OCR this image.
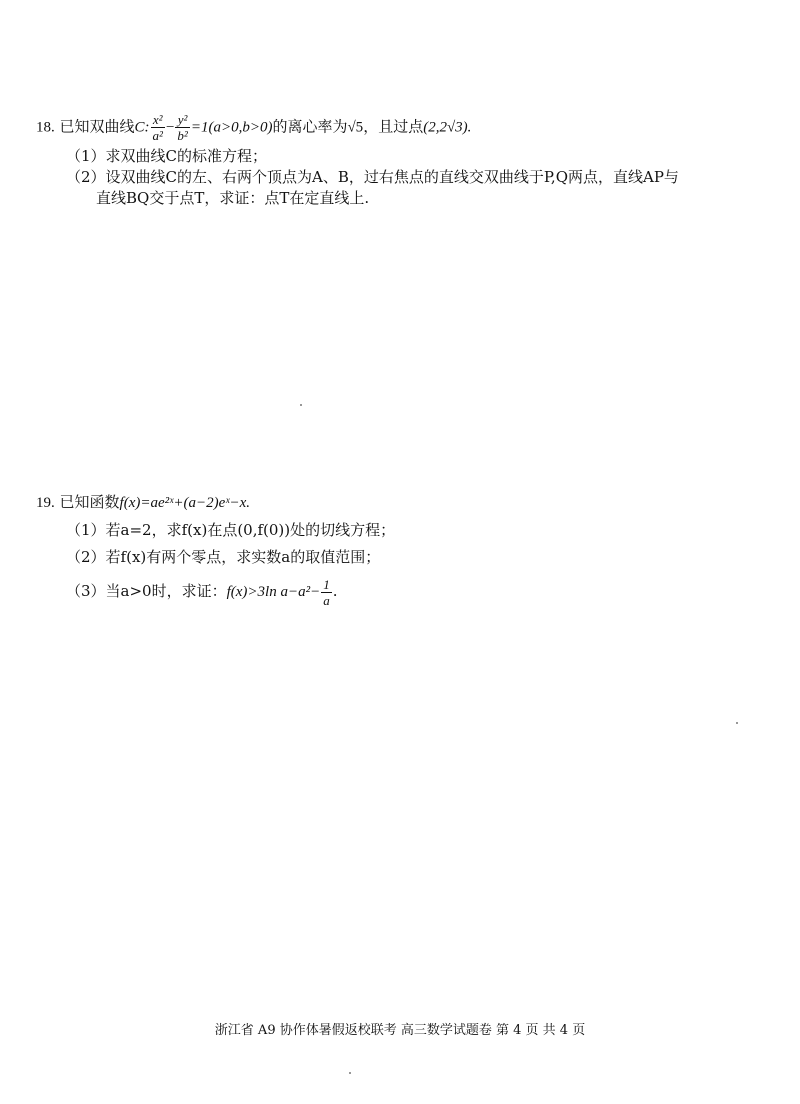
18. 已知双曲线C: $\frac{\text{x²}}{\text{a²}} - \frac{\text{y²}}{\text{b²}} =1(a>0,b>0)$的离心率为√5，且过点(2,2√3).
（1）求双曲线C的标准方程；
（2）设双曲线C的左、右两个顶点为A、B，过右焦点的直线交双曲线于P,Q两点，直线AP与
直线BQ交于点T，求证：点T在定直线上.
19. 已知函数f(x)=ae²ˣ+(a−2)eˣ−x.
（1）若a=2，求f(x)在点(0,f(0))处的切线方程；
（2）若f(x)有两个零点，求实数a的取值范围；
（3）当a>0时，求证：f(x)>3ln $a-a^2- \frac{1}{a}$ .
浙江省 A9 协作体暑假返校联考 高三数学试题卷 第 4 页 共 4 页
